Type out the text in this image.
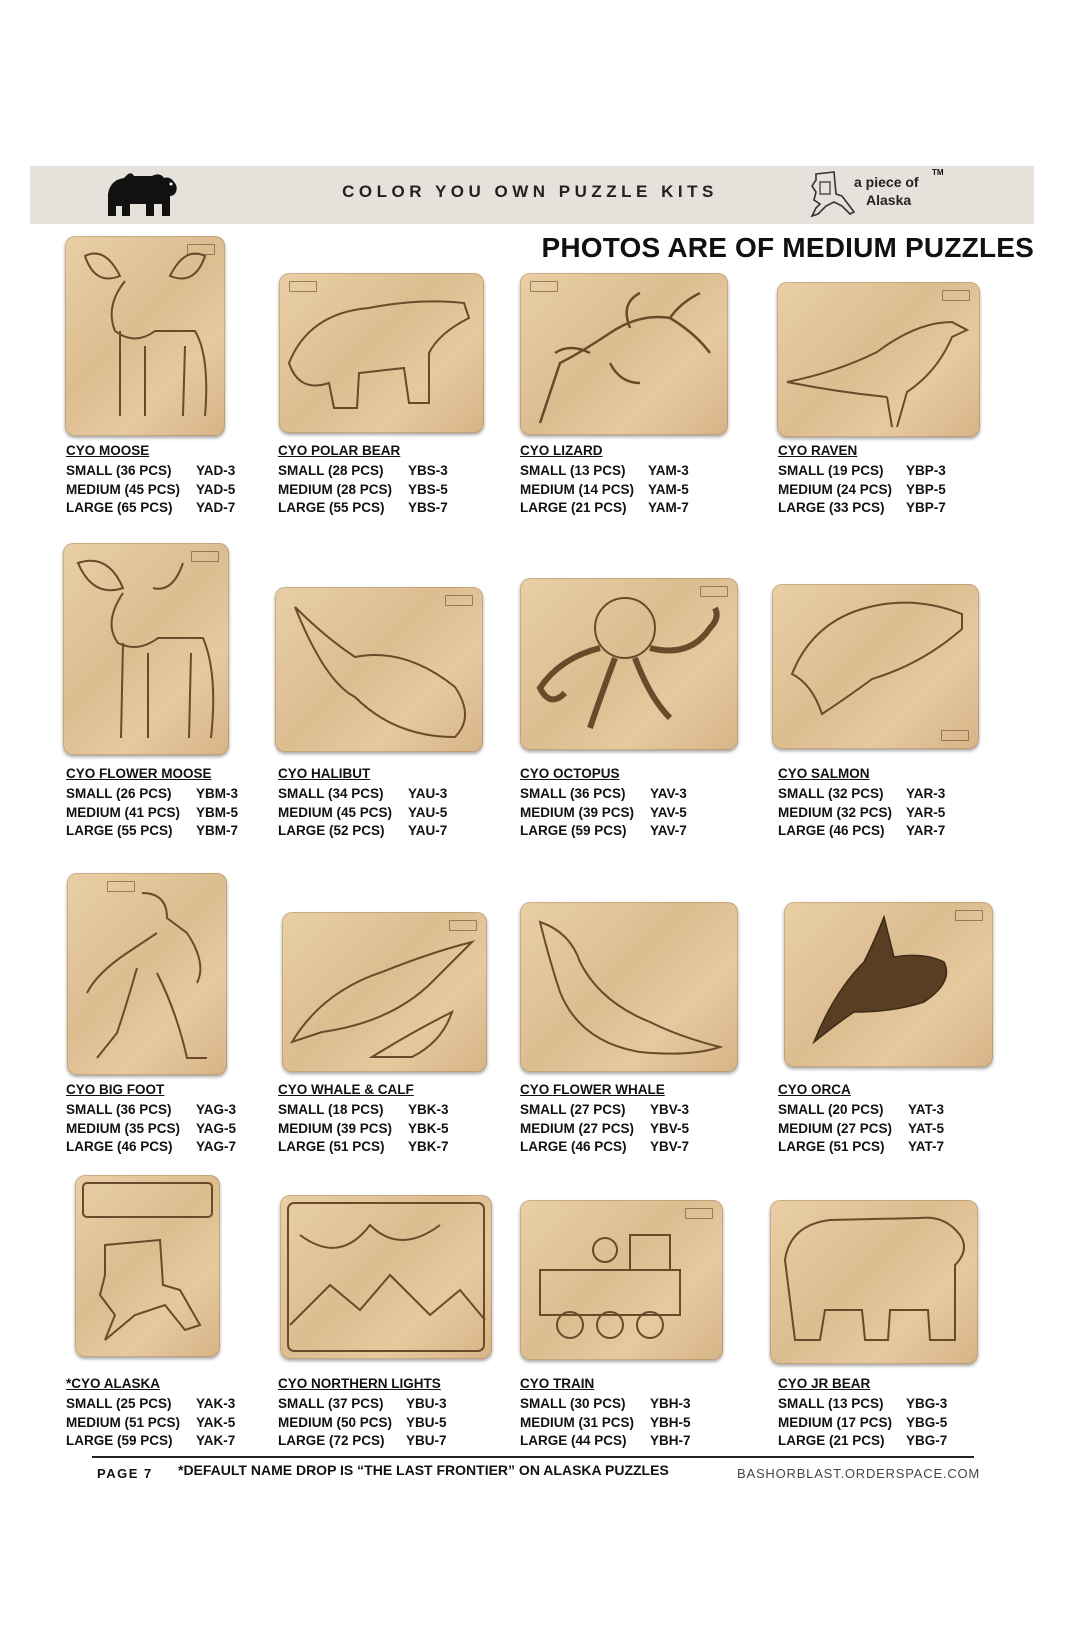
COLOR YOU OWN PUZZLE KITS	a piece of
Alaska
TM
PHOTOS ARE OF MEDIUM PUZZLES
CYO MOOSE
SMALL (36 PCS) YAD-3
MEDIUM (45 PCS) YAD-5
LARGE (65 PCS) YAD-7
CYO POLAR BEAR
SMALL (28 PCS) YBS-3
MEDIUM (28 PCS) YBS-5
LARGE (55 PCS) YBS-7
CYO LIZARD
SMALL (13 PCS) YAM-3
MEDIUM (14 PCS) YAM-5
LARGE (21 PCS) YAM-7
CYO RAVEN
SMALL (19 PCS) YBP-3
MEDIUM (24 PCS) YBP-5
LARGE (33 PCS) YBP-7
CYO FLOWER MOOSE
SMALL (26 PCS) YBM-3
MEDIUM (41 PCS) YBM-5
LARGE (55 PCS) YBM-7
CYO HALIBUT
SMALL (34 PCS) YAU-3
MEDIUM (45 PCS) YAU-5
LARGE (52 PCS) YAU-7
CYO OCTOPUS
SMALL (36 PCS) YAV-3
MEDIUM (39 PCS) YAV-5
LARGE (59 PCS) YAV-7
CYO SALMON
SMALL (32 PCS) YAR-3
MEDIUM (32 PCS) YAR-5
LARGE (46 PCS) YAR-7
CYO BIG FOOT
SMALL (36 PCS) YAG-3
MEDIUM (35 PCS) YAG-5
LARGE (46 PCS) YAG-7
CYO WHALE & CALF
SMALL (18 PCS) YBK-3
MEDIUM (39 PCS) YBK-5
LARGE (51 PCS) YBK-7
CYO FLOWER WHALE
SMALL (27 PCS) YBV-3
MEDIUM (27 PCS) YBV-5
LARGE (46 PCS) YBV-7
CYO ORCA
SMALL (20 PCS) YAT-3
MEDIUM (27 PCS) YAT-5
LARGE (51 PCS) YAT-7
*CYO ALASKA
SMALL (25 PCS) YAK-3
MEDIUM (51 PCS) YAK-5
LARGE (59 PCS) YAK-7
CYO NORTHERN LIGHTS
SMALL (37 PCS) YBU-3
MEDIUM (50 PCS) YBU-5
LARGE (72 PCS) YBU-7
CYO TRAIN
SMALL (30 PCS) YBH-3
MEDIUM (31 PCS) YBH-5
LARGE (44 PCS) YBH-7
CYO JR BEAR
SMALL (13 PCS) YBG-3
MEDIUM (17 PCS) YBG-5
LARGE (21 PCS) YBG-7
PAGE 7 *DEFAULT NAME DROP IS “THE LAST FRONTIER” ON ALASKA PUZZLES	BASHORBLAST.ORDERSPACE.COM
